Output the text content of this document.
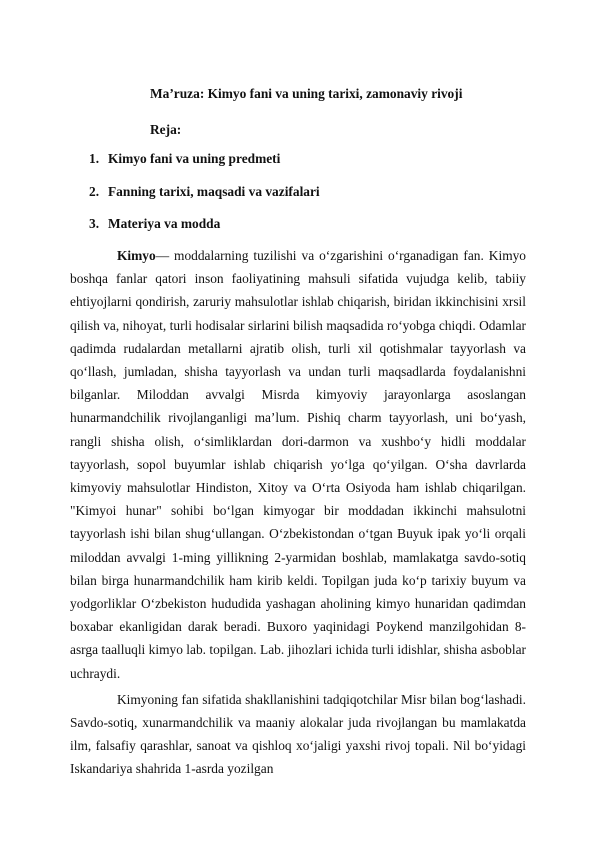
Ma’ruza: Kimyo fani va uning tarixi, zamonaviy rivoji
Reja:
1. Kimyo fani va uning predmeti
2. Fanning tarixi, maqsadi va vazifalari
3. Materiya va modda

Kimyo— moddalarning tuzilishi va o‘zgarishini o‘rganadigan fan. Kimyo boshqa fanlar qatori inson faoliyatining mahsuli sifatida vujudga kelib, tabiiy ehtiyojlarni qondirish, zaruriy mahsulotlar ishlab chiqarish, biridan ikkinchisini xrsil qilish va, nihoyat, turli hodisalar sirlarini bilish maqsadida ro‘yobga chiqdi. Odamlar qadimda rudalardan metallarni ajratib olish, turli xil qotishmalar tayyorlash va qo‘llash, jumladan, shisha tayyorlash va undan turli maqsadlarda foydalanishni bilganlar. Miloddan avvalgi Misrda kimyoviy jarayonlarga asoslangan hunarmandchilik rivojlanganligi ma’lum. Pishiq charm tayyorlash, uni bo‘yash, rangli shisha olish, o‘simliklardan dori-darmon va xushbo‘y hidli moddalar tayyorlash, sopol buyumlar ishlab chiqarish yo‘lga qo‘yilgan. O‘sha davrlarda kimyoviy mahsulotlar Hindiston, Xitoy va O‘rta Osiyoda ham ishlab chiqarilgan. "Kimyoi hunar" sohibi bo‘lgan kimyogar bir moddadan ikkinchi mahsulotni tayyorlash ishi bilan shug‘ullangan. O‘zbekistondan o‘tgan Buyuk ipak yo‘li orqali miloddan avvalgi 1-ming yillikning 2-yarmidan boshlab, mamlakatga savdo-sotiq bilan birga hunarmandchilik ham kirib keldi. Topilgan juda ko‘p tarixiy buyum va yodgorliklar O‘zbekiston hududida yashagan aholining kimyo hunaridan qadimdan boxabar ekanligidan darak beradi. Buxoro yaqinidagi Poykend manzilgohidan 8-asrga taalluqli kimyo lab. topilgan. Lab. jihozlari ichida turli idishlar, shisha asboblar uchraydi.

Kimyoning fan sifatida shakllanishini tadqiqotchilar Misr bilan bog‘lashadi. Savdo-sotiq, xunarmandchilik va maaniy alokalar juda rivojlangan bu mamlakatda ilm, falsafiy qarashlar, sanoat va qishloq xo‘jaligi yaxshi rivoj topali. Nil bo‘yidagi Iskandariya shahrida 1-asrda yozilgan
